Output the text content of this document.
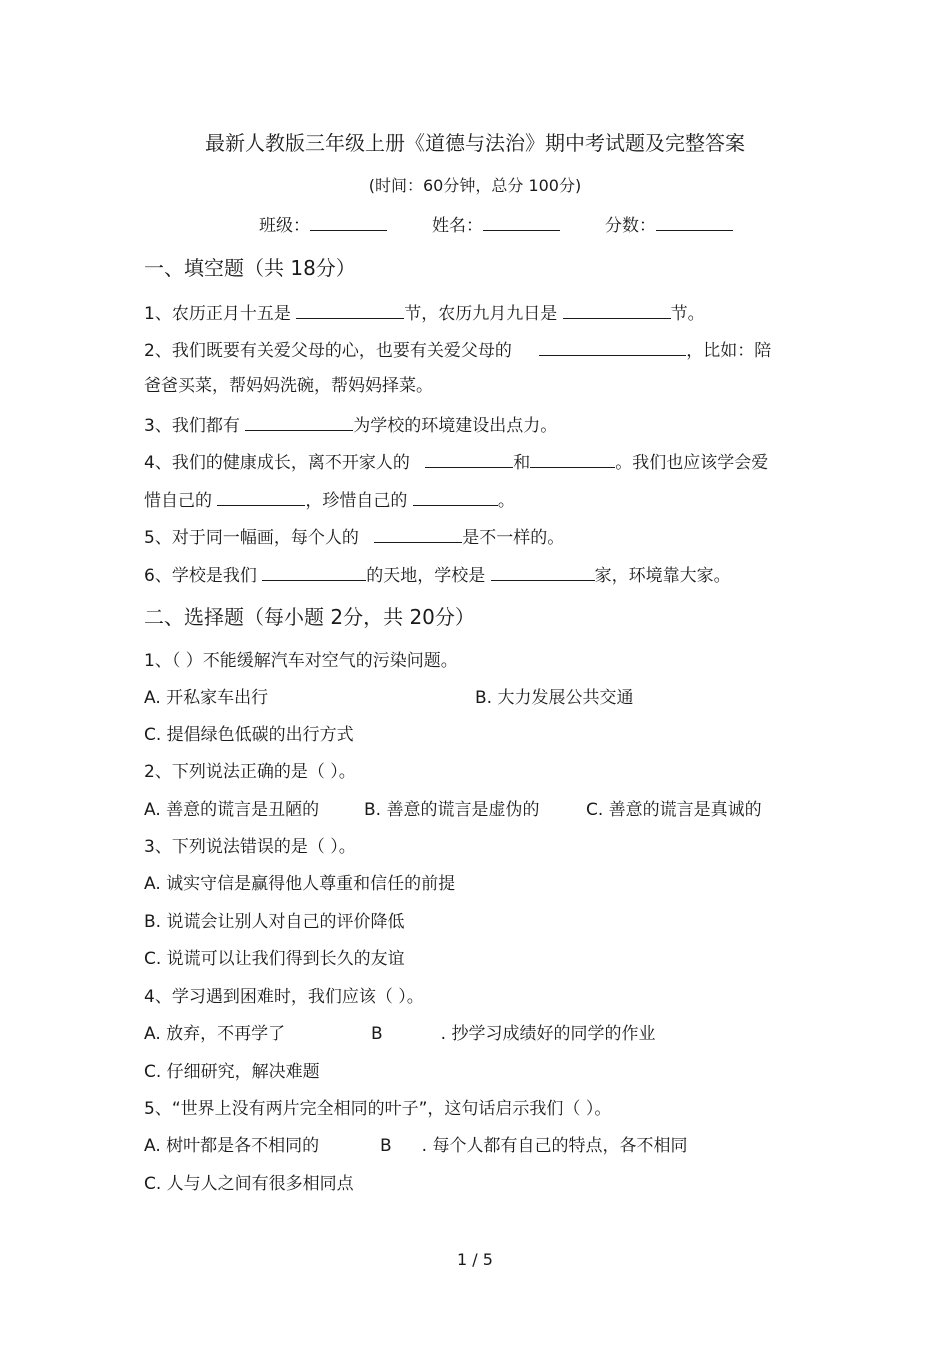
最新人教版三年级上册《道德与法治》期中考试题及完整答案
(时间：60分钟，总分 100分)
班级：	姓名：	分数：
一、填空题（共 18分）
1、农历正月十五是	节，农历九月九日是	节。
2、我们既要有关爱父母的心，也要有关爱父母的	，比如：陪
爸爸买菜，帮妈妈洗碗，帮妈妈择菜。
3、我们都有	为学校的环境建设出点力。
4、我们的健康成长，离不开家人的	和	。我们也应该学会爱
惜自己的	，珍惜自己的	。
5、对于同一幅画，每个人的	是不一样的。
6、学校是我们	的天地，学校是	家，环境靠大家。
二、选择题（每小题 2分，共 20分）
1、（ ）不能缓解汽车对空气的污染问题。
A. 开私家车出行	B. 大力发展公共交通
C. 提倡绿色低碳的出行方式
2、下列说法正确的是（ ）。
A. 善意的谎言是丑陋的	B. 善意的谎言是虚伪的	C. 善意的谎言是真诚的
3、下列说法错误的是（ ）。
A. 诚实守信是赢得他人尊重和信任的前提
B. 说谎会让别人对自己的评价降低
C. 说谎可以让我们得到长久的友谊
4、学习遇到困难时，我们应该（ ）。
A. 放弃，不再学了	B	. 抄学习成绩好的同学的作业
C. 仔细研究，解决难题
5、“世界上没有两片完全相同的叶子”，这句话启示我们（ ）。
A. 树叶都是各不相同的	B . 每个人都有自己的特点，各不相同
C. 人与人之间有很多相同点
1 / 5
